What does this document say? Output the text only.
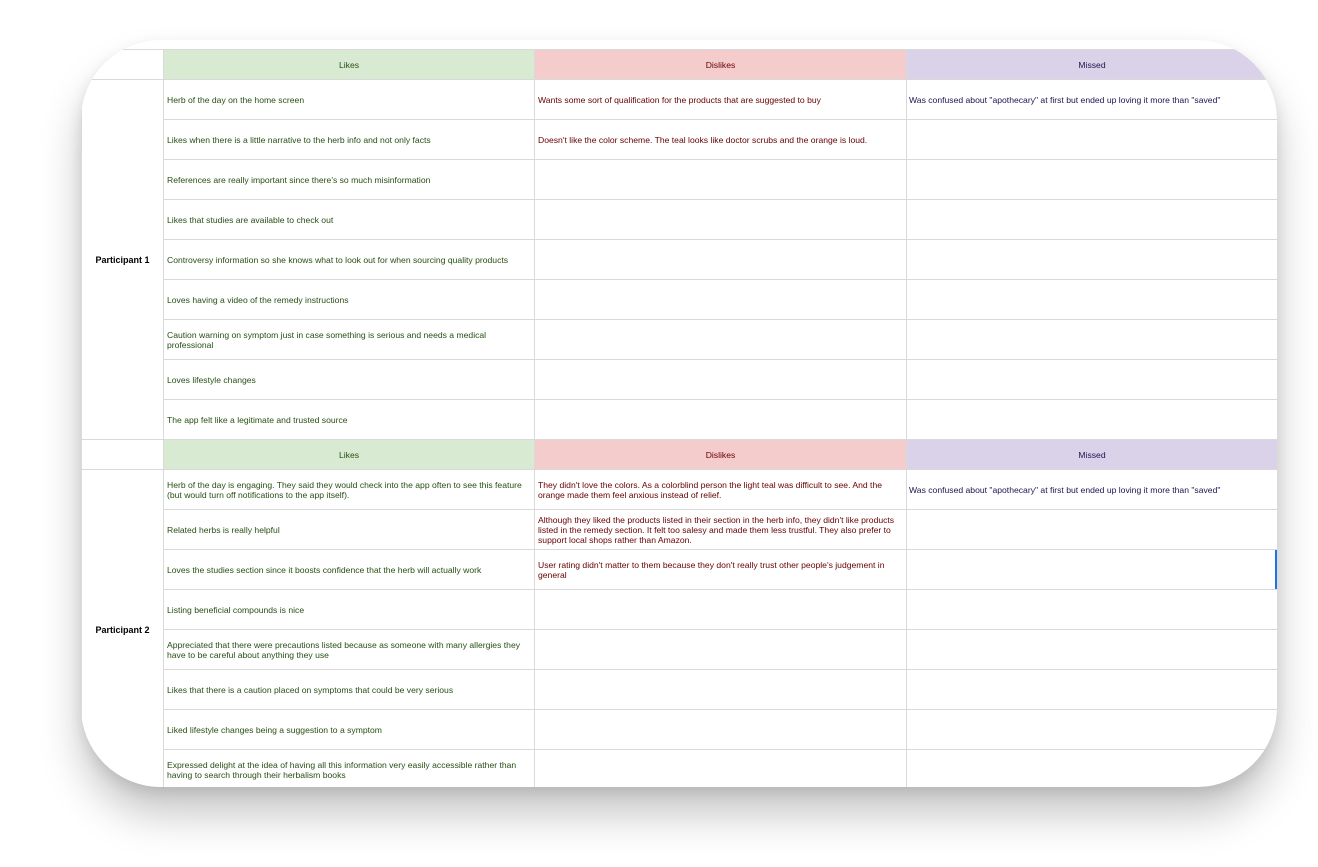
	Likes	Dislikes	Missed
Participant 1	Herb of the day on the home screen	Wants some sort of qualification for the products that are suggested to buy	Was confused about "apothecary" at first but ended up loving it more than "saved"
	Likes when there is a little narrative to the herb info and not only facts	Doesn't like the color scheme. The teal looks like doctor scrubs and the orange is loud.	
	References are really important since there's so much misinformation		
	Likes that studies are available to check out		
	Controversy information so she knows what to look out for when sourcing quality products		
	Loves having a video of the remedy instructions		
	Caution warning on symptom just in case something is serious and needs a medical professional		
	Loves lifestyle changes		
	The app felt like a legitimate and trusted source		
	Likes	Dislikes	Missed
Participant 2	Herb of the day is engaging. They said they would check into the app often to see this feature (but would turn off notifications to the app itself).	They didn't love the colors. As a colorblind person the light teal was difficult to see. And the orange made them feel anxious instead of relief.	Was confused about "apothecary" at first but ended up loving it more than "saved"
	Related herbs is really helpful	Although they liked the products listed in their section in the herb info, they didn't like products listed in the remedy section. It felt too salesy and made them less trustful. They also prefer to support local shops rather than Amazon.	
	Loves the studies section since it boosts confidence that the herb will actually work	User rating didn't matter to them because they don't really trust other people's judgement in general	
	Listing beneficial compounds is nice		
	Appreciated that there were precautions listed because as someone with many allergies they have to be careful about anything they use		
	Likes that there is a caution placed on symptoms that could be very serious		
	Liked lifestyle changes being a suggestion to a symptom		
	Expressed delight at the idea of having all this information very easily accessible rather than having to search through their herbalism books		
